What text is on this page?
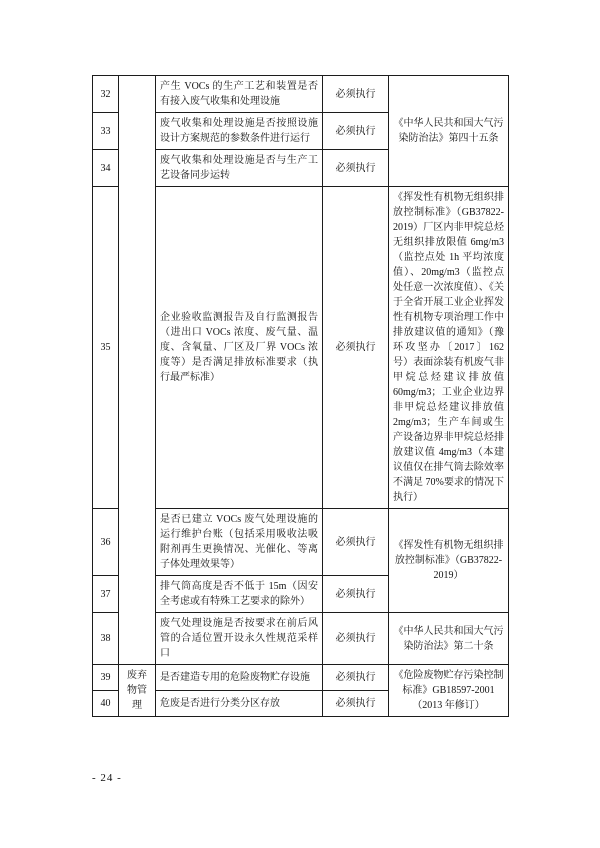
32		产生 VOCs 的生产工艺和装置是否有接入废气收集和处理设施	必须执行	《中华人民共和国大气污染防治法》第四十五条
33		废气收集和处理设施是否按照设施设计方案规范的参数条件进行运行	必须执行	
34		废气收集和处理设施是否与生产工艺设备同步运转	必须执行	
35		企业验收监测报告及自行监测报告（进出口 VOCs 浓度、废气量、温度、含氧量、厂区及厂界 VOCs 浓度等）是否满足排放标准要求（执行最严标准）	必须执行	《挥发性有机物无组织排放控制标准》（GB37822-2019）厂区内非甲烷总烃无组织排放限值 6mg/m3（监控点处 1h 平均浓度值）、20mg/m3（监控点处任意一次浓度值）、《关于全省开展工业企业挥发性有机物专项治理工作中排放建议值的通知》（豫环攻坚办〔2017〕162 号）表面涂装有机废气非甲烷总烃建议排放值 60mg/m3；工业企业边界非甲烷总烃建议排放值 2mg/m3；生产车间或生产设备边界非甲烷总烃排放建议值 4mg/m3（本建议值仅在排气筒去除效率不满足 70%要求的情况下执行）
36		是否已建立 VOCs 废气处理设施的运行维护台账（包括采用吸收法吸附剂再生更换情况、光催化、等离子体处理效果等）	必须执行	《挥发性有机物无组织排放控制标准》（GB37822-2019）
37		排气筒高度是否不低于 15m（因安全考虑或有特殊工艺要求的除外）	必须执行	
38		废气处理设施是否按要求在前后风管的合适位置开设永久性规范采样口	必须执行	《中华人民共和国大气污染防治法》第二十条
39	废弃物管理	是否建造专用的危险废物贮存设施	必须执行	《危险废物贮存污染控制标准》GB18597-2001（2013 年修订）
40		危废是否进行分类分区存放	必须执行	
- 24 -
